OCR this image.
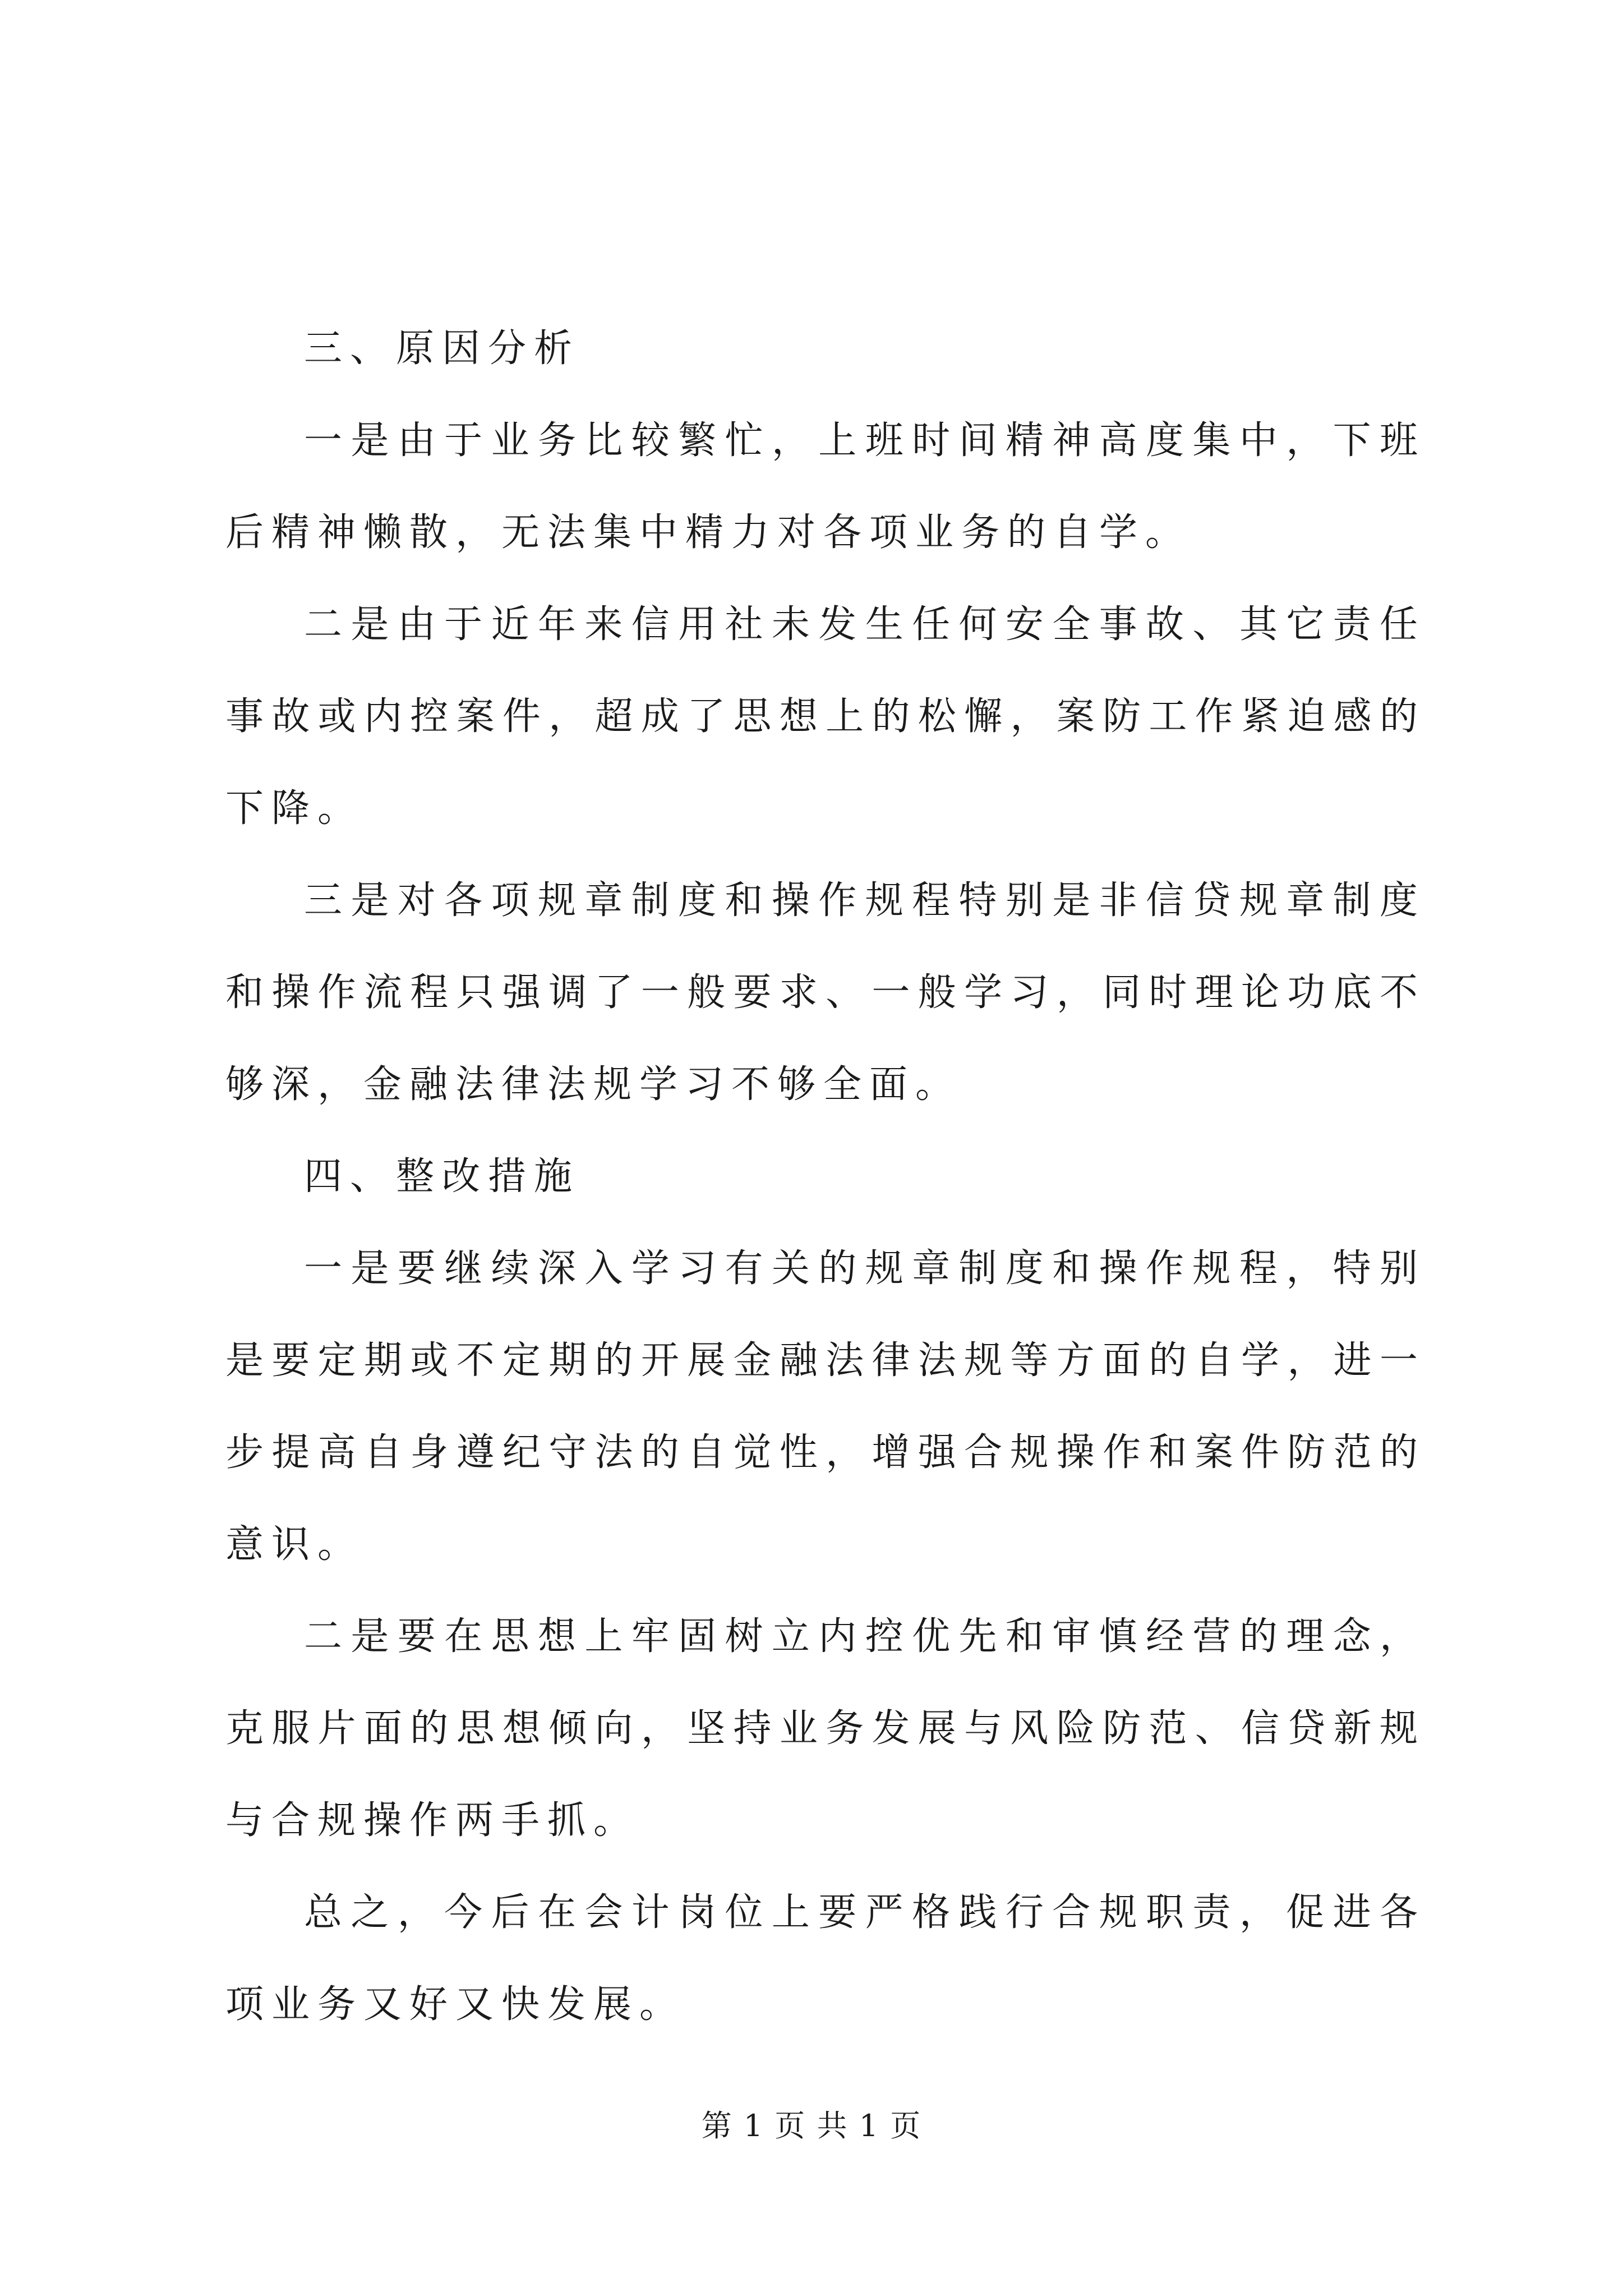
三、原因分析

一是由于业务比较繁忙，上班时间精神高度集中，下班后精神懒散，无法集中精力对各项业务的自学。

二是由于近年来信用社未发生任何安全事故、其它责任事故或内控案件，超成了思想上的松懈，案防工作紧迫感的下降。

三是对各项规章制度和操作规程特别是非信贷规章制度和操作流程只强调了一般要求、一般学习，同时理论功底不够深，金融法律法规学习不够全面。

四、整改措施

一是要继续深入学习有关的规章制度和操作规程，特别是要定期或不定期的开展金融法律法规等方面的自学，进一步提高自身遵纪守法的自觉性，增强合规操作和案件防范的意识。

二是要在思想上牢固树立内控优先和审慎经营的理念，克服片面的思想倾向，坚持业务发展与风险防范、信贷新规与合规操作两手抓。

总之，今后在会计岗位上要严格践行合规职责，促进各项业务又好又快发展。

第 1 页 共 1 页
